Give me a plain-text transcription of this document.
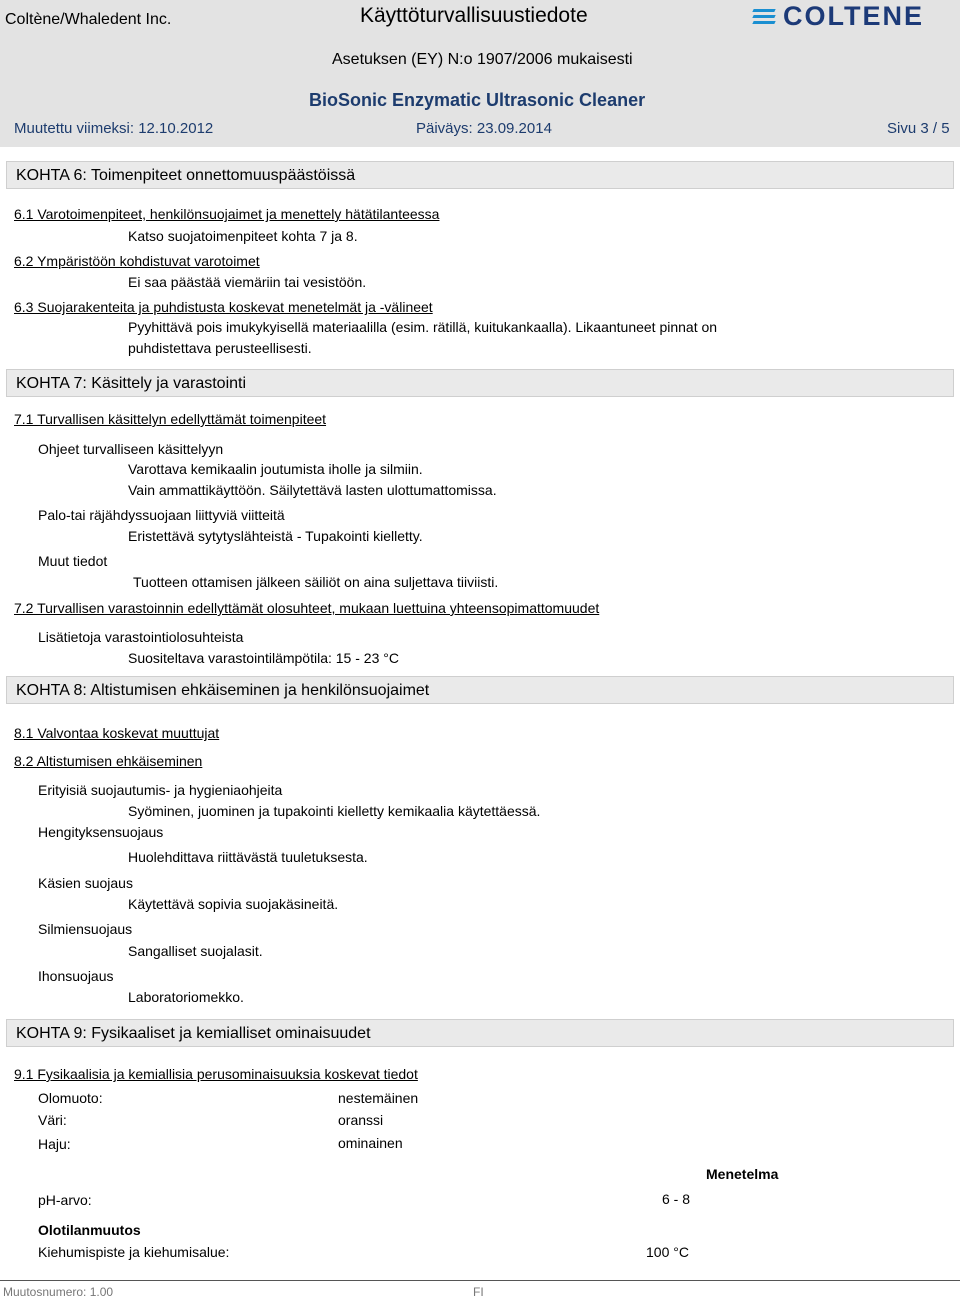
Coltène/Whaledent Inc.	Käyttöturvallisuustiedote	COLTENE
Asetuksen (EY) N:o 1907/2006 mukaisesti
BioSonic Enzymatic Ultrasonic Cleaner
Muutettu viimeksi: 12.10.2012	Päiväys: 23.09.2014	Sivu 3 / 5
KOHTA 6: Toimenpiteet onnettomuuspäästöissä
6.1 Varotoimenpiteet, henkilönsuojaimet ja menettely hätätilanteessa
Katso suojatoimenpiteet kohta 7 ja 8.
6.2 Ympäristöön kohdistuvat varotoimet
Ei saa päästää viemäriin tai vesistöön.
6.3 Suojarakenteita ja puhdistusta koskevat menetelmät ja -välineet
Pyyhittävä pois imukykyisellä materiaalilla (esim. rätillä, kuitukankaalla). Likaantuneet pinnat on
puhdistettava perusteellisesti.
KOHTA 7: Käsittely ja varastointi
7.1 Turvallisen käsittelyn edellyttämät toimenpiteet
Ohjeet turvalliseen käsittelyyn
Varottava kemikaalin joutumista iholle ja silmiin.
Vain ammattikäyttöön. Säilytettävä lasten ulottumattomissa.
Palo-tai räjähdyssuojaan liittyviä viitteitä
Eristettävä sytytyslähteistä - Tupakointi kielletty.
Muut tiedot
Tuotteen ottamisen jälkeen säiliöt on aina suljettava tiiviisti.
7.2 Turvallisen varastoinnin edellyttämät olosuhteet, mukaan luettuina yhteensopimattomuudet
Lisätietoja varastointiolosuhteista
Suositeltava varastointilämpötila: 15 - 23 °C
KOHTA 8: Altistumisen ehkäiseminen ja henkilönsuojaimet
8.1 Valvontaa koskevat muuttujat
8.2 Altistumisen ehkäiseminen
Erityisiä suojautumis- ja hygieniaohjeita
Syöminen, juominen ja tupakointi kielletty kemikaalia käytettäessä.
Hengityksensuojaus
Huolehdittava riittävästä tuuletuksesta.
Käsien suojaus
Käytettävä sopivia suojakäsineitä.
Silmiensuojaus
Sangalliset suojalasit.
Ihonsuojaus
Laboratoriomekko.
KOHTA 9: Fysikaaliset ja kemialliset ominaisuudet
9.1 Fysikaalisia ja kemiallisia perusominaisuuksia koskevat tiedot
Olomuoto:	nestemäinen
Väri:	oranssi
Haju:	ominainen
Menetelma
pH-arvo:	6 - 8
Olotilanmuutos
Kiehumispiste ja kiehumisalue:	100 °C
Muutosnumero: 1.00	FI
